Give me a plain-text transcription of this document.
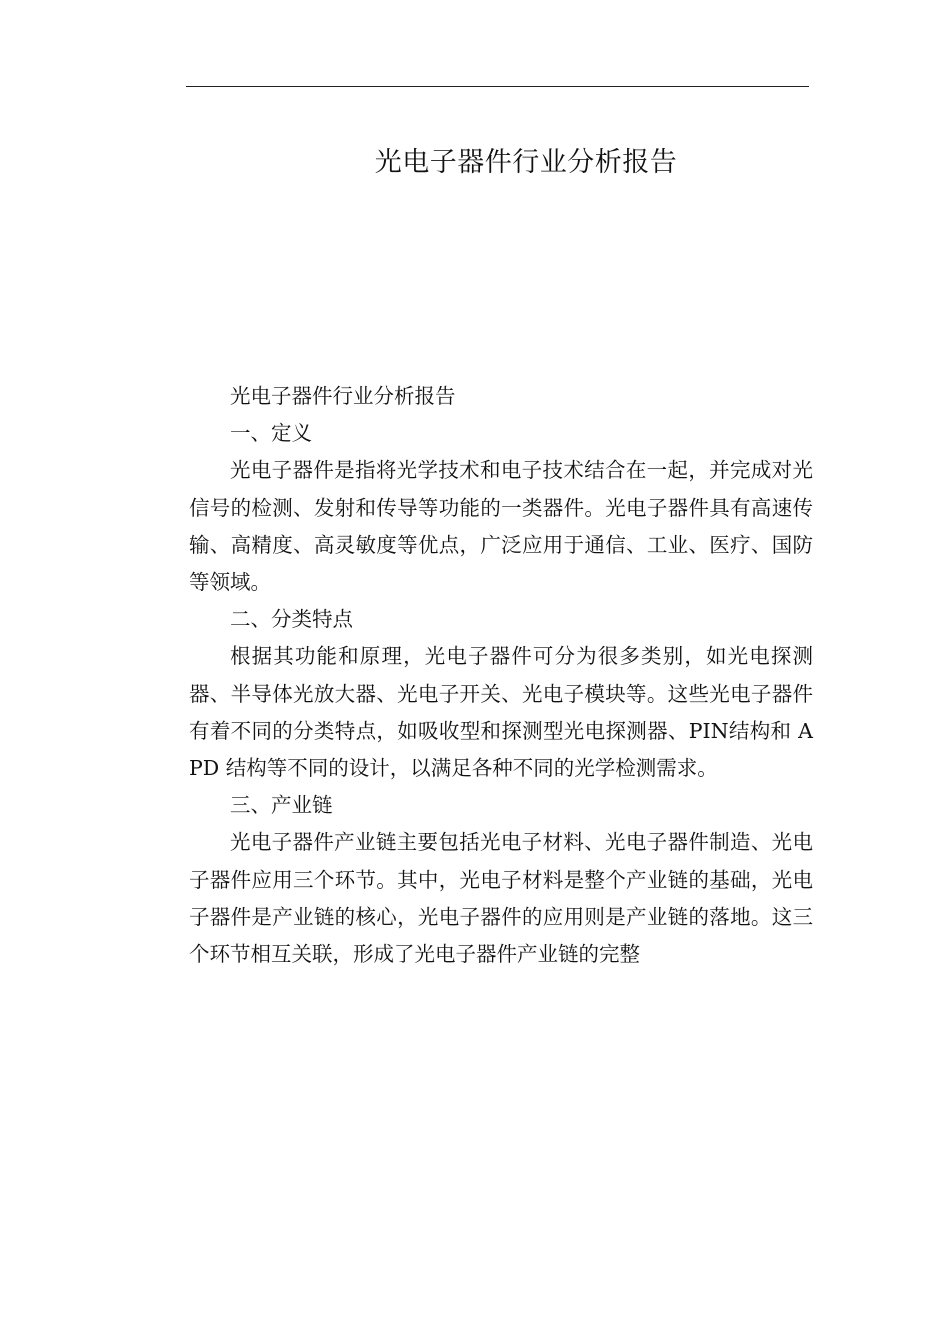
光电子器件行业分析报告

光电子器件行业分析报告

一、定义

光电子器件是指将光学技术和电子技术结合在一起，并完成对光信号的检测、发射和传导等功能的一类器件。光电子器件具有高速传输、高精度、高灵敏度等优点，广泛应用于通信、工业、医疗、国防等领域。

二、分类特点

根据其功能和原理，光电子器件可分为很多类别，如光电探测器、半导体光放大器、光电子开关、光电子模块等。这些光电子器件有着不同的分类特点，如吸收型和探测型光电探测器、PIN结构和 APD 结构等不同的设计，以满足各种不同的光学检测需求。

三、产业链

光电子器件产业链主要包括光电子材料、光电子器件制造、光电子器件应用三个环节。其中，光电子材料是整个产业链的基础，光电子器件是产业链的核心，光电子器件的应用则是产业链的落地。这三个环节相互关联，形成了光电子器件产业链的完整
